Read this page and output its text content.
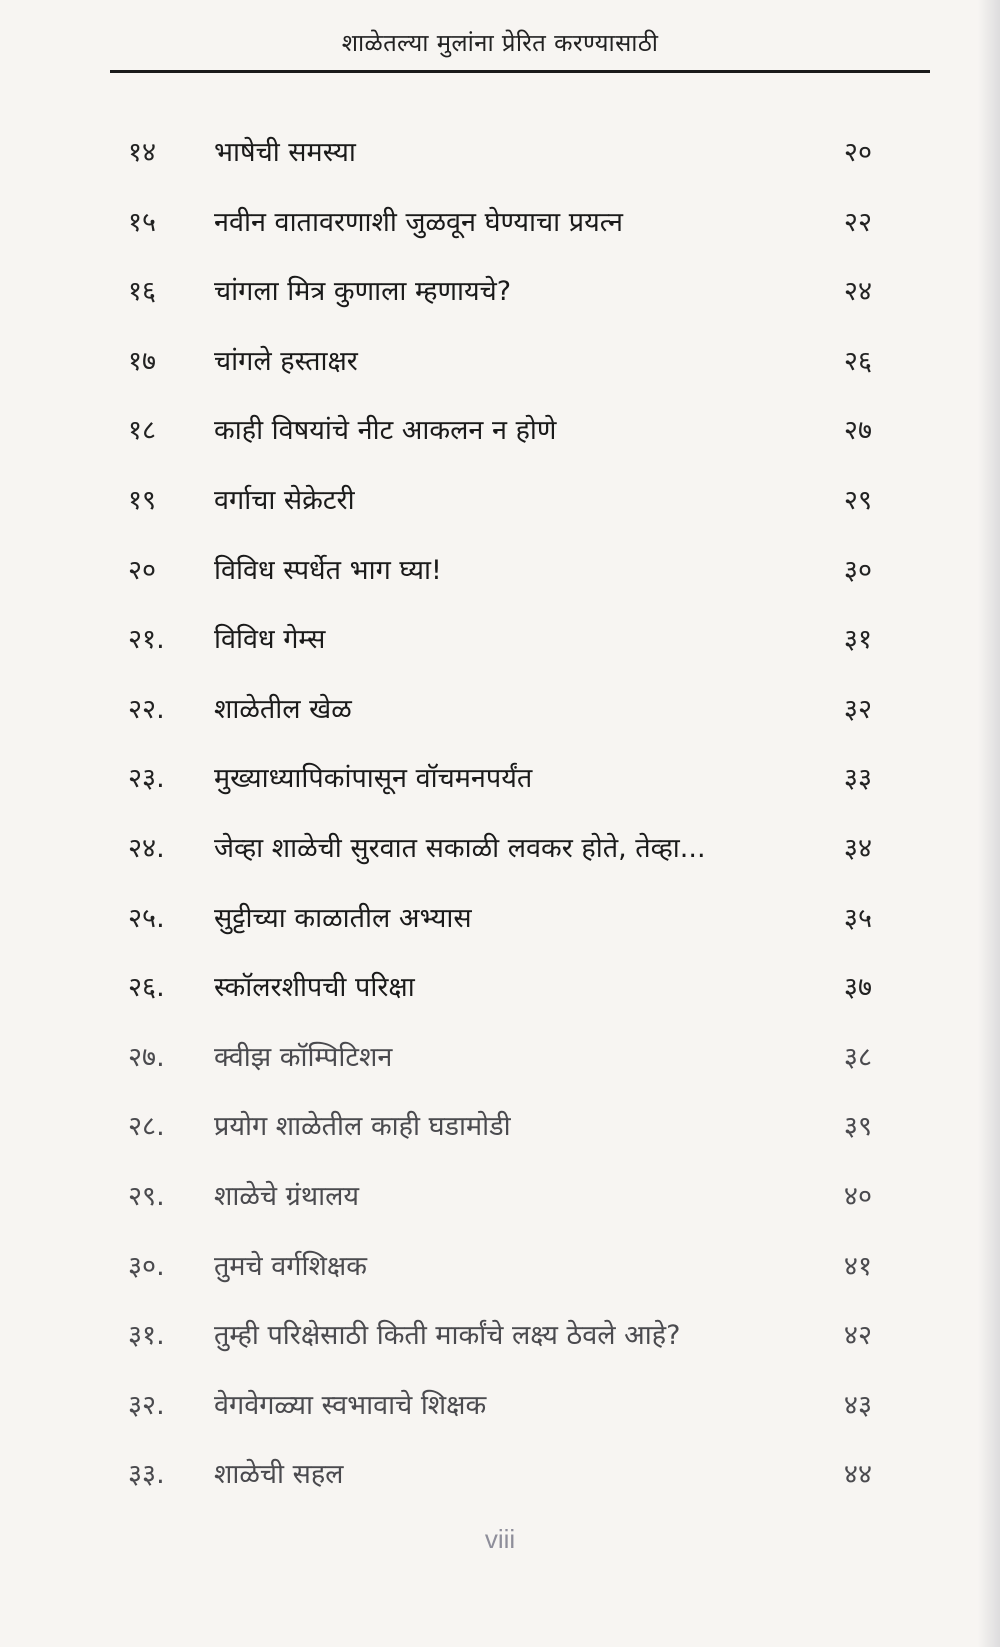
शाळेतल्या मुलांना प्रेरित करण्यासाठी
१४	भाषेची समस्या	२०
१५	नवीन वातावरणाशी जुळवून घेण्याचा प्रयत्न	२२
१६	चांगला मित्र कुणाला म्हणायचे?	२४
१७	चांगले हस्ताक्षर	२६
१८	काही विषयांचे नीट आकलन न होणे	२७
१९	वर्गाचा सेक्रेटरी	२९
२०	विविध स्पर्धेत भाग घ्या!	३०
२१.	विविध गेम्स	३१
२२.	शाळेतील खेळ	३२
२३.	मुख्याध्यापिकांपासून वॉचमनपर्यंत	३३
२४.	जेव्हा शाळेची सुरवात सकाळी लवकर होते, तेव्हा...	३४
२५.	सुट्टीच्या काळातील अभ्यास	३५
२६.	स्कॉलरशीपची परिक्षा	३७
२७.	क्वीझ कॉम्पिटिशन	३८
२८.	प्रयोग शाळेतील काही घडामोडी	३९
२९.	शाळेचे ग्रंथालय	४०
३०.	तुमचे वर्गशिक्षक	४१
३१.	तुम्ही परिक्षेसाठी किती मार्कांचे लक्ष्य ठेवले आहे?	४२
३२.	वेगवेगळ्या स्वभावाचे शिक्षक	४३
३३.	शाळेची सहल	४४
viii
